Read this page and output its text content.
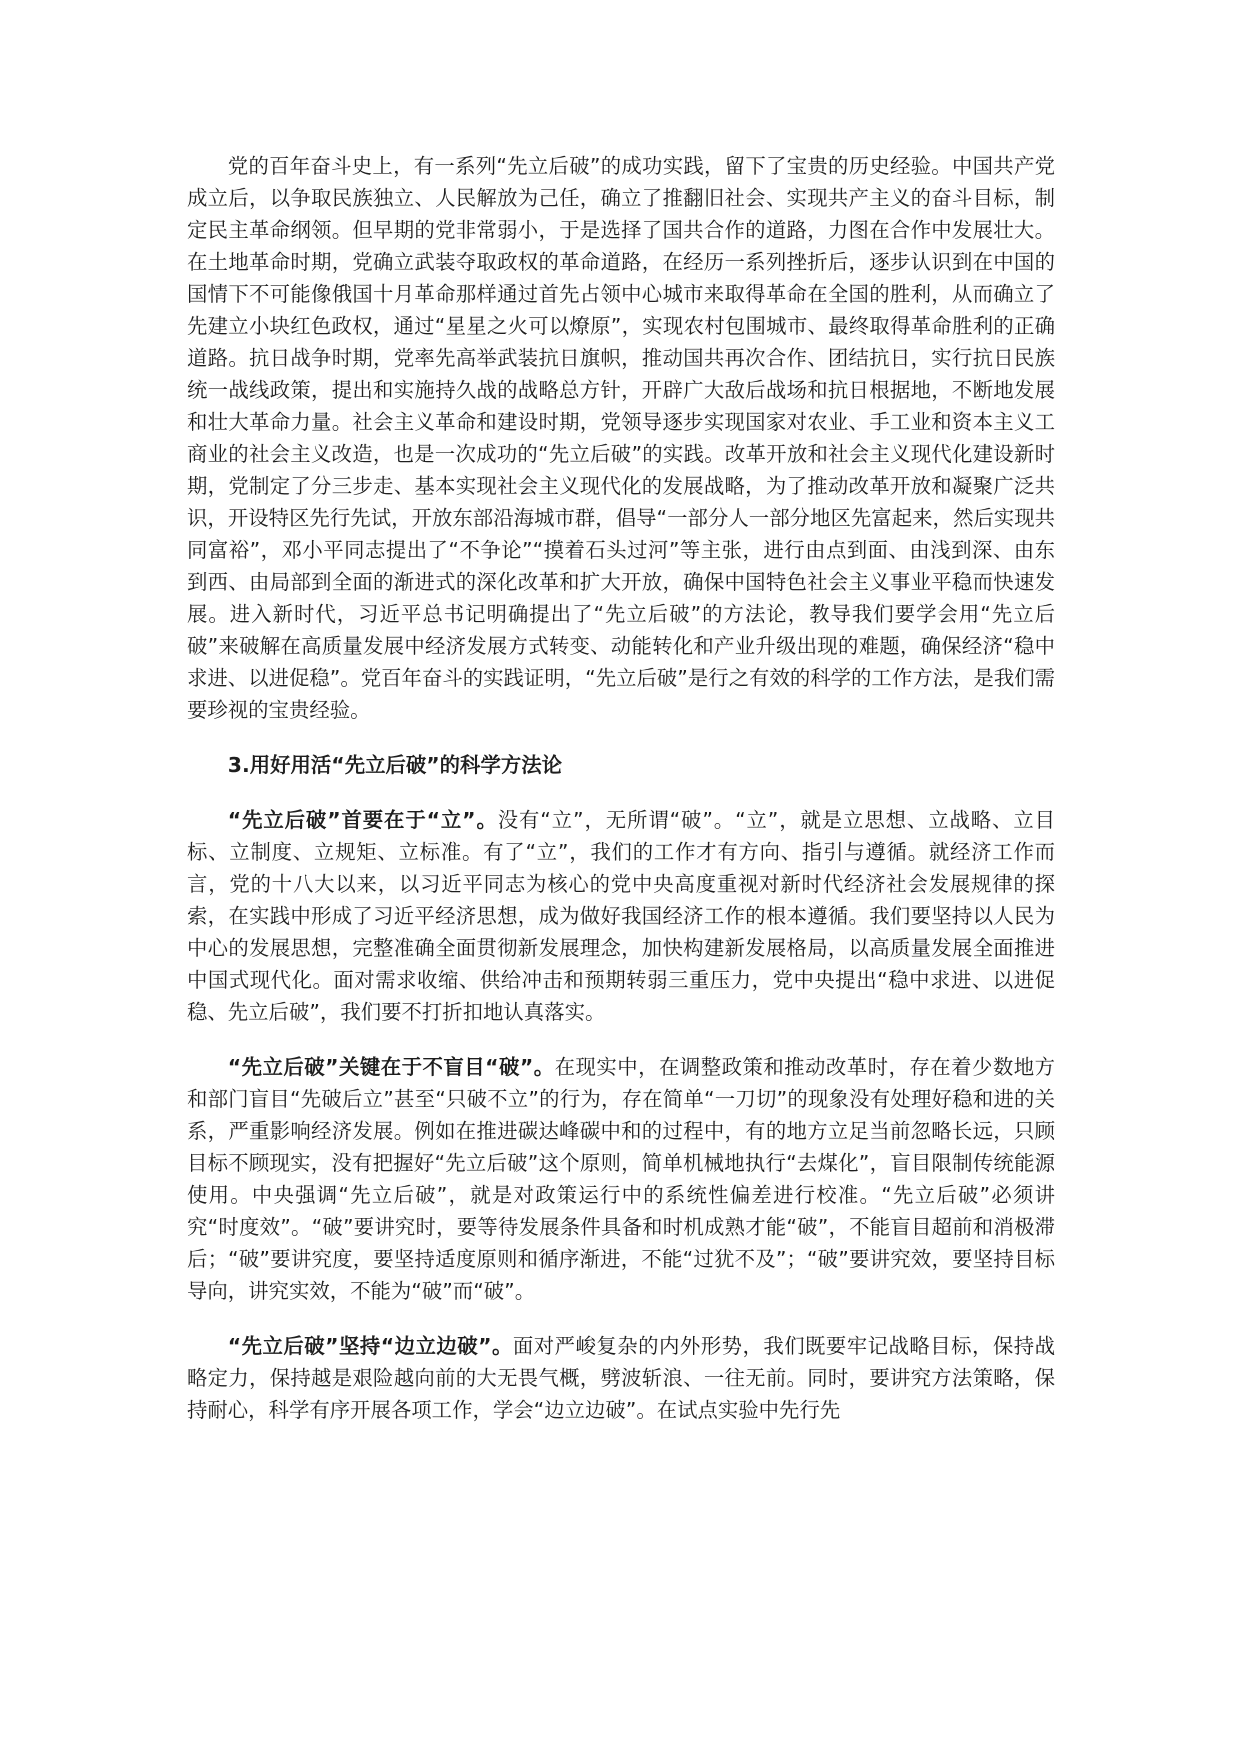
党的百年奋斗史上，有一系列“先立后破”的成功实践，留下了宝贵的历史经验。中国共产党成立后，以争取民族独立、人民解放为己任，确立了推翻旧社会、实现共产主义的奋斗目标，制定民主革命纲领。但早期的党非常弱小，于是选择了国共合作的道路，力图在合作中发展壮大。在土地革命时期，党确立武装夺取政权的革命道路，在经历一系列挫折后，逐步认识到在中国的国情下不可能像俄国十月革命那样通过首先占领中心城市来取得革命在全国的胜利，从而确立了先建立小块红色政权，通过“星星之火可以燎原”，实现农村包围城市、最终取得革命胜利的正确道路。抗日战争时期，党率先高举武装抗日旗帜，推动国共再次合作、团结抗日，实行抗日民族统一战线政策，提出和实施持久战的战略总方针，开辟广大敌后战场和抗日根据地，不断地发展和壮大革命力量。社会主义革命和建设时期，党领导逐步实现国家对农业、手工业和资本主义工商业的社会主义改造，也是一次成功的“先立后破”的实践。改革开放和社会主义现代化建设新时期，党制定了分三步走、基本实现社会主义现代化的发展战略，为了推动改革开放和凝聚广泛共识，开设特区先行先试，开放东部沿海城市群，倡导“一部分人一部分地区先富起来，然后实现共同富裕”，邓小平同志提出了“不争论”“摸着石头过河”等主张，进行由点到面、由浅到深、由东到西、由局部到全面的渐进式的深化改革和扩大开放，确保中国特色社会主义事业平稳而快速发展。进入新时代，习近平总书记明确提出了“先立后破”的方法论，教导我们要学会用“先立后破”来破解在高质量发展中经济发展方式转变、动能转化和产业升级出现的难题，确保经济“稳中求进、以进促稳”。党百年奋斗的实践证明，“先立后破”是行之有效的科学的工作方法，是我们需要珍视的宝贵经验。

3.用好用活“先立后破”的科学方法论

“先立后破”首要在于“立”。没有“立”，无所谓“破”。“立”，就是立思想、立战略、立目标、立制度、立规矩、立标准。有了“立”，我们的工作才有方向、指引与遵循。就经济工作而言，党的十八大以来，以习近平同志为核心的党中央高度重视对新时代经济社会发展规律的探索，在实践中形成了习近平经济思想，成为做好我国经济工作的根本遵循。我们要坚持以人民为中心的发展思想，完整准确全面贯彻新发展理念，加快构建新发展格局，以高质量发展全面推进中国式现代化。面对需求收缩、供给冲击和预期转弱三重压力，党中央提出“稳中求进、以进促稳、先立后破”，我们要不打折扣地认真落实。

“先立后破”关键在于不盲目“破”。在现实中，在调整政策和推动改革时，存在着少数地方和部门盲目“先破后立”甚至“只破不立”的行为，存在简单“一刀切”的现象没有处理好稳和进的关系，严重影响经济发展。例如在推进碳达峰碳中和的过程中，有的地方立足当前忽略长远，只顾目标不顾现实，没有把握好“先立后破”这个原则，简单机械地执行“去煤化”，盲目限制传统能源使用。中央强调“先立后破”，就是对政策运行中的系统性偏差进行校准。“先立后破”必须讲究“时度效”。“破”要讲究时，要等待发展条件具备和时机成熟才能“破”，不能盲目超前和消极滞后；“破”要讲究度，要坚持适度原则和循序渐进，不能“过犹不及”；“破”要讲究效，要坚持目标导向，讲究实效，不能为“破”而“破”。

“先立后破”坚持“边立边破”。面对严峻复杂的内外形势，我们既要牢记战略目标，保持战略定力，保持越是艰险越向前的大无畏气概，劈波斩浪、一往无前。同时，要讲究方法策略，保持耐心，科学有序开展各项工作，学会“边立边破”。在试点实验中先行先
